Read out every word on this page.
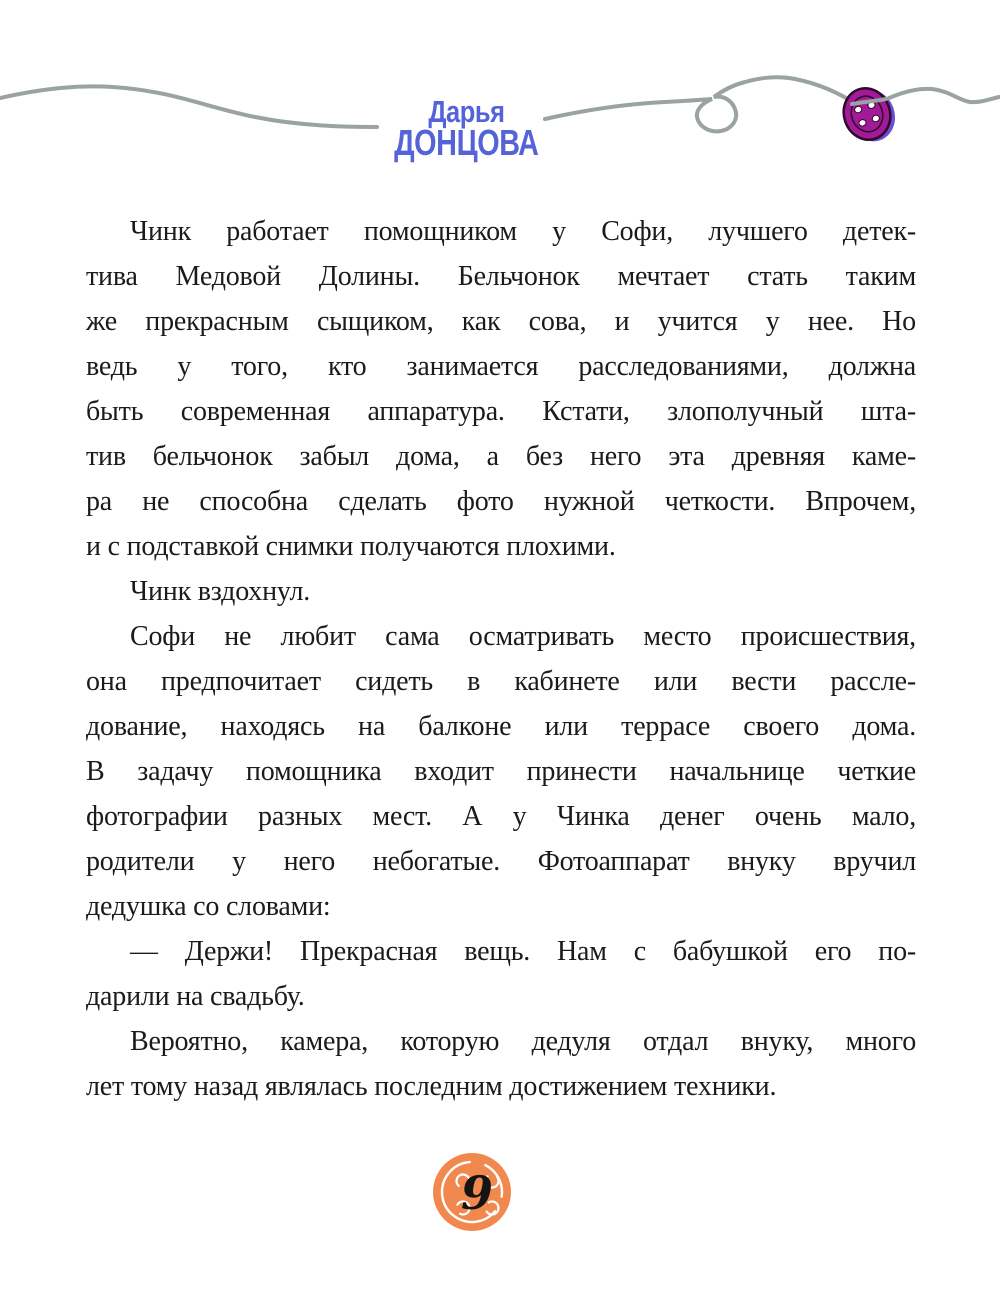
Дарья
ДОНЦОВА
Чинк работает помощником у Софи, лучшего детек-
тива Медовой Долины. Бельчонок мечтает стать таким
же прекрасным сыщиком, как сова, и учится у нее. Но
ведь у того, кто занимается расследованиями, должна
быть современная аппаратура. Кстати, злополучный шта-
тив бельчонок забыл дома, а без него эта древняя каме-
ра не способна сделать фото нужной четкости. Впрочем,
и с подставкой снимки получаются плохими.
Чинк вздохнул.
Софи не любит сама осматривать место происшествия,
она предпочитает сидеть в кабинете или вести рассле-
дование, находясь на балконе или террасе своего дома.
В задачу помощника входит принести начальнице четкие
фотографии разных мест. А у Чинка денег очень мало,
родители у него небогатые. Фотоаппарат внуку вручил
дедушка со словами:
— Держи! Прекрасная вещь. Нам с бабушкой его по-
дарили на свадьбу.
Вероятно, камера, которую дедуля отдал внуку, много
лет тому назад являлась последним достижением техники.
9
